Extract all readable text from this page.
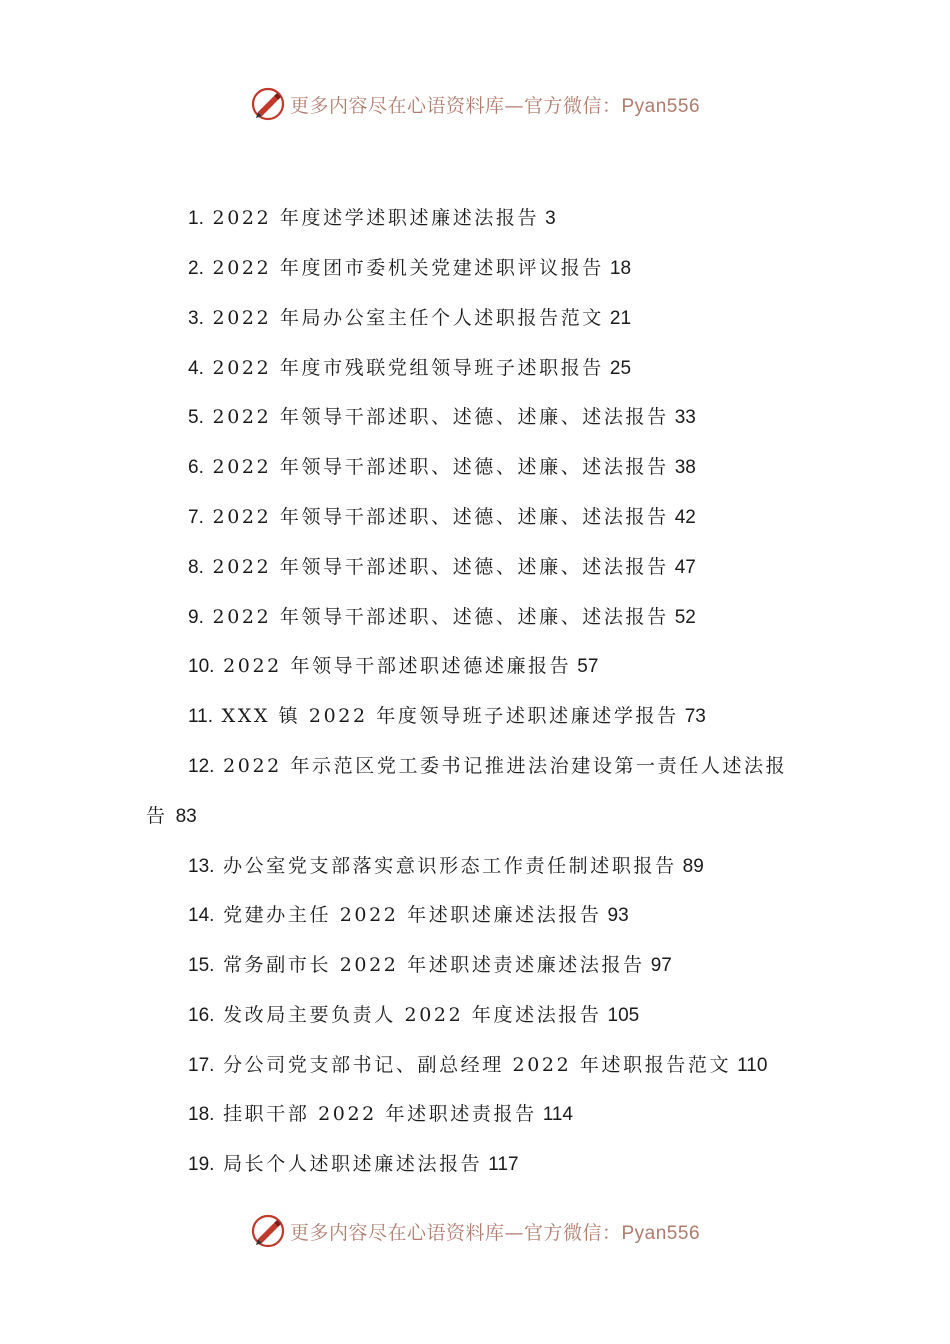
更多内容尽在心语资料库—官方微信：Pyan556
1. 2022 年度述学述职述廉述法报告 3
2. 2022 年度团市委机关党建述职评议报告 18
3. 2022 年局办公室主任个人述职报告范文 21
4. 2022 年度市残联党组领导班子述职报告 25
5. 2022 年领导干部述职、述德、述廉、述法报告 33
6. 2022 年领导干部述职、述德、述廉、述法报告 38
7. 2022 年领导干部述职、述德、述廉、述法报告 42
8. 2022 年领导干部述职、述德、述廉、述法报告 47
9. 2022 年领导干部述职、述德、述廉、述法报告 52
10. 2022 年领导干部述职述德述廉报告 57
11. XXX 镇 2022 年度领导班子述职述廉述学报告 73
12. 2022 年示范区党工委书记推进法治建设第一责任人述法报
告 83
13. 办公室党支部落实意识形态工作责任制述职报告 89
14. 党建办主任 2022 年述职述廉述法报告 93
15. 常务副市长 2022 年述职述责述廉述法报告 97
16. 发改局主要负责人 2022 年度述法报告 105
17. 分公司党支部书记、副总经理 2022 年述职报告范文 110
18. 挂职干部 2022 年述职述责报告 114
19. 局长个人述职述廉述法报告 117
更多内容尽在心语资料库—官方微信：Pyan556
